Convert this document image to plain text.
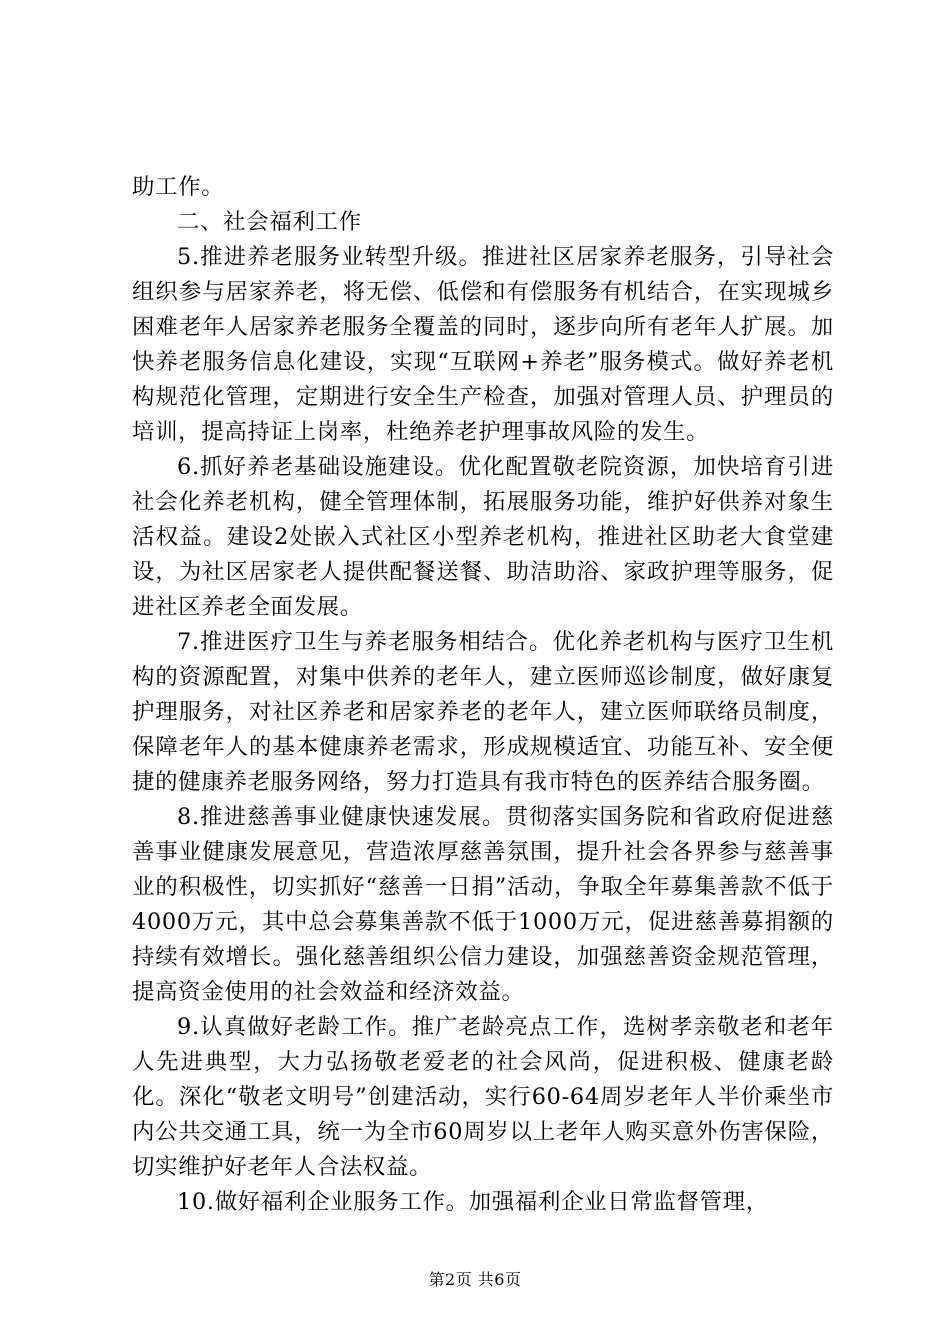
助工作。

二、社会福利工作

5.推进养老服务业转型升级。推进社区居家养老服务，引导社会组织参与居家养老，将无偿、低偿和有偿服务有机结合，在实现城乡困难老年人居家养老服务全覆盖的同时，逐步向所有老年人扩展。加快养老服务信息化建设，实现“互联网+养老”服务模式。做好养老机构规范化管理，定期进行安全生产检查，加强对管理人员、护理员的培训，提高持证上岗率，杜绝养老护理事故风险的发生。

6.抓好养老基础设施建设。优化配置敬老院资源，加快培育引进社会化养老机构，健全管理体制，拓展服务功能，维护好供养对象生活权益。建设2处嵌入式社区小型养老机构，推进社区助老大食堂建设，为社区居家老人提供配餐送餐、助洁助浴、家政护理等服务，促进社区养老全面发展。

7.推进医疗卫生与养老服务相结合。优化养老机构与医疗卫生机构的资源配置，对集中供养的老年人，建立医师巡诊制度，做好康复护理服务，对社区养老和居家养老的老年人，建立医师联络员制度，保障老年人的基本健康养老需求，形成规模适宜、功能互补、安全便捷的健康养老服务网络，努力打造具有我市特色的医养结合服务圈。

8.推进慈善事业健康快速发展。贯彻落实国务院和省政府促进慈善事业健康发展意见，营造浓厚慈善氛围，提升社会各界参与慈善事业的积极性，切实抓好“慈善一日捐”活动，争取全年募集善款不低于4000万元，其中总会募集善款不低于1000万元，促进慈善募捐额的持续有效增长。强化慈善组织公信力建设，加强慈善资金规范管理，提高资金使用的社会效益和经济效益。

9.认真做好老龄工作。推广老龄亮点工作，选树孝亲敬老和老年人先进典型，大力弘扬敬老爱老的社会风尚，促进积极、健康老龄化。深化“敬老文明号”创建活动，实行60-64周岁老年人半价乘坐市内公共交通工具，统一为全市60周岁以上老年人购买意外伤害保险，切实维护好老年人合法权益。

10.做好福利企业服务工作。加强福利企业日常监督管理，

第2页 共6页
